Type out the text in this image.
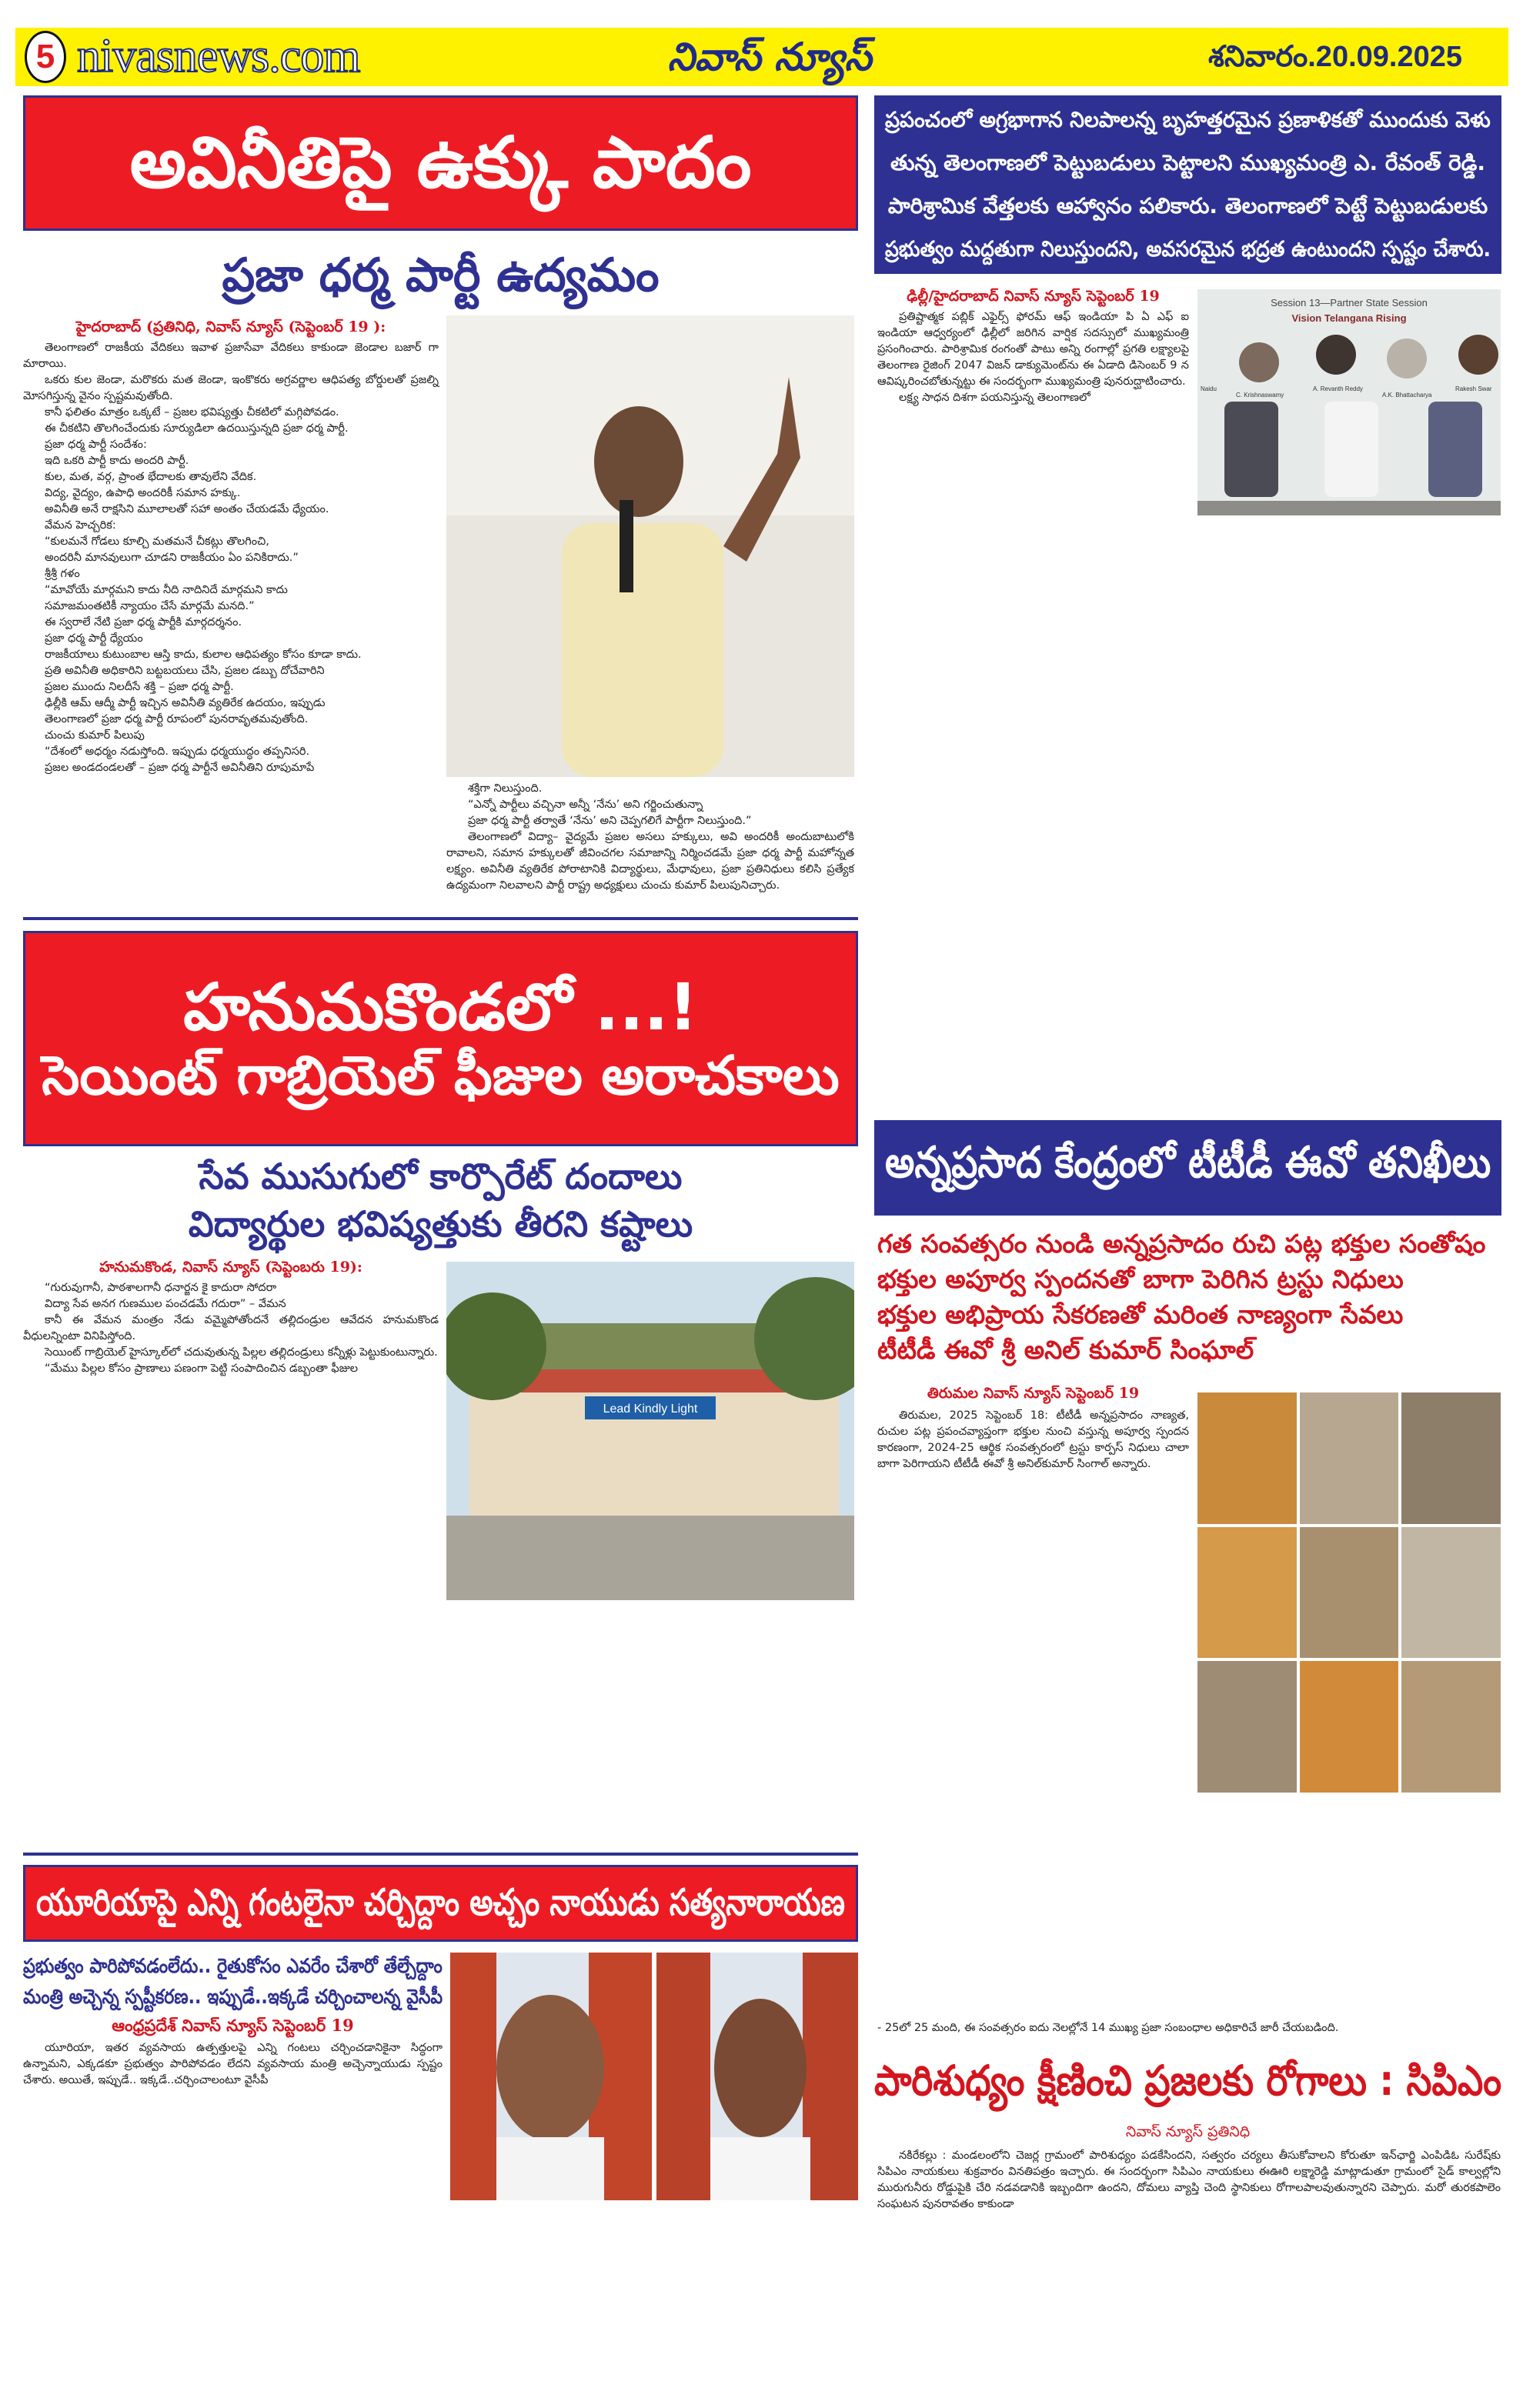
5 nivasnews.com	నివాస్ న్యూస్	శనివారం.20.09.2025
అవినీతిపై ఉక్కు పాదం
ప్రజా ధర్మ పార్టీ ఉద్యమం
హైదరాబాద్ (ప్రతినిధి, నివాస్ న్యూస్ (సెప్టెంబర్ 19 ):

తెలంగాణలో రాజకీయ వేదికలు ఇవాళ ప్రజాసేవా వేదికలు కాకుండా జెండాల బజార్ గా మారాయి.

ఒకరు కుల జెండా, మరొకరు మత జెండా, ఇంకొకరు అగ్రవర్ణాల ఆధిపత్య బోర్డులతో ప్రజల్ని మోసగిస్తున్న వైనం స్పష్టమవుతోంది.

కానీ ఫలితం మాత్రం ఒక్కటే – ప్రజల భవిష్యత్తు చీకటిలో మగ్గిపోవడం.

ఈ చీకటిని తొలగించేందుకు సూర్యుడిలా ఉదయిస్తున్నది ప్రజా ధర్మ పార్టీ.

ప్రజా ధర్మ పార్టీ సందేశం:

ఇది ఒకరి పార్టీ కాదు అందరి పార్టీ.

కుల, మత, వర్గ, ప్రాంత భేదాలకు తావులేని వేదిక.

విద్య, వైద్యం, ఉపాధి అందరికీ సమాన హక్కు.

అవినీతి అనే రాక్షసిని మూలాలతో సహా అంతం చేయడమే ధ్యేయం.

వేమన హెచ్చరిక:

“కులమనే గోడలు కూల్చి మతమనే చీకట్లు తొలగించి,

అందరినీ మానవులుగా చూడని రాజకీయం ఏం పనికిరాదు.”

శ్రీశ్రీ గళం

“మావోయే మార్గమని కాదు నీది నాదినిదే మార్గమని కాదు

సమాజమంతటికీ న్యాయం చేసే మార్గమే మనది.”

ఈ స్వరాలే నేటి ప్రజా ధర్మ పార్టీకి మార్గదర్శనం.

ప్రజా ధర్మ పార్టీ ధ్యేయం

రాజకీయాలు కుటుంబాల ఆస్తి కాదు, కులాల ఆధిపత్యం కోసం కూడా కాదు.

ప్రతి అవినీతి అధికారిని బట్టబయలు చేసి, ప్రజల డబ్బు దోచేవారిని

ప్రజల ముందు నిలదీసే శక్తి – ప్రజా ధర్మ పార్టీ.

ఢిల్లీకి ఆమ్ ఆద్మీ పార్టీ ఇచ్చిన అవినీతి వ్యతిరేక ఉదయం, ఇప్పుడు

తెలంగాణలో ప్రజా ధర్మ పార్టీ రూపంలో పునరావృతమవుతోంది.

చుంచు కుమార్ పిలుపు

“దేశంలో అధర్మం నడుస్తోంది. ఇప్పుడు ధర్మయుద్ధం తప్పనిసరి.

ప్రజల అండదండలతో – ప్రజా ధర్మ పార్టీనే అవినీతిని రూపుమాపే

శక్తిగా నిలుస్తుంది.

“ఎన్నో పార్టీలు వచ్చినా అన్నీ ‘నేను’ అని గర్జించుతున్నా

ప్రజా ధర్మ పార్టీ తర్వాతే ‘నేను’ అని చెప్పగలిగే పార్టీగా నిలుస్తుంది.”

తెలంగాణలో విద్యా– వైద్యమే ప్రజల అసలు హక్కులు, అవి అందరికీ అందుబాటులోకి రావాలని, సమాన హక్కులతో జీవించగల సమాజాన్ని నిర్మించడమే ప్రజా ధర్మ పార్టీ మహోన్నత లక్ష్యం. అవినీతి వ్యతిరేక పోరాటానికి విద్యార్థులు, మేధావులు, ప్రజా ప్రతినిధులు కలిసి ప్రత్యేక ఉద్యమంగా నిలవాలని పార్టీ రాష్ట్ర అధ్యక్షులు చుంచు కుమార్ పిలుపునిచ్చారు.

హనుమకొండలో ...!
సెయింట్ గాబ్రియెల్ ఫీజుల అరాచకాలు
సేవ ముసుగులో కార్పొరేట్ దందాలు
విద్యార్థుల భవిష్యత్తుకు తీరని కష్టాలు
హనుమకొండ, నివాస్ న్యూస్ (సెప్టెంబరు 19):

“గురువుగానీ, పాఠశాలగానీ ధనార్జన కై కాదురా సోదరా

విద్యా సేవ అనగ గుణముల పంచడమే గదురా” – వేమన

కానీ ఈ వేమన మంత్రం నేడు వమ్మైపోతోందనే తల్లిదండ్రుల ఆవేదన హనుమకొండ వీధులన్నింటా వినిపిస్తోంది.

సెయింట్ గాబ్రియెల్ హైస్కూల్‌లో చదువుతున్న పిల్లల తల్లిదండ్రులు కన్నీళ్లు పెట్టుకుంటున్నారు.

“మేము పిల్లల కోసం ప్రాణాలు పణంగా పెట్టి సంపాదించిన డబ్బంతా ఫీజుల

Lead Kindly Light
యూరియాపై ఎన్ని గంటలైనా చర్చిద్దాం అచ్చం నాయుడు సత్యనారాయణ
ప్రభుత్వం పారిపోవడంలేదు.. రైతుకోసం ఎవరేం చేశారో తేల్చేద్దాం
మంత్రి అచ్చెన్న స్పష్టీకరణ.. ఇప్పుడే..ఇక్కడే చర్చించాలన్న వైసీపీ
ఆంధ్రప్రదేశ్ నివాస్ న్యూస్ సెప్టెంబర్ 19

యూరియా, ఇతర వ్యవసాయ ఉత్పత్తులపై ఎన్ని గంటలు చర్చించడానికైనా సిద్ధంగా ఉన్నామని, ఎక్కడకూ ప్రభుత్వం పారిపోవడం లేదని వ్యవసాయ మంత్రి అచ్చెన్నాయుడు స్పష్టం చేశారు. అయితే, ఇప్పుడే.. ఇక్కడే..చర్చించాలంటూ వైసీపీ

ప్రపంచంలో అగ్రభాగాన నిలపాలన్న బృహత్తరమైన ప్రణాళికతో ముందుకు వెళు
తున్న తెలంగాణలో పెట్టుబడులు పెట్టాలని ముఖ్యమంత్రి ఎ. రేవంత్ రెడ్డి.
పారిశ్రామిక వేత్తలకు ఆహ్వానం పలికారు. తెలంగాణలో పెట్టే పెట్టుబడులకు
ప్రభుత్వం మద్దతుగా నిలుస్తుందని, అవసరమైన భద్రత ఉంటుందని స్పష్టం చేశారు.
ఢిల్లీ/హైదరాబాద్ నివాస్ న్యూస్ సెప్టెంబర్ 19

ప్రతిష్టాత్మక పబ్లిక్ ఎఫైర్స్ ఫోరమ్ ఆఫ్ ఇండియా పి ఏ ఎఫ్ ఐ ఇండియా ఆధ్వర్యంలో ఢిల్లీలో జరిగిన వార్షిక సదస్సులో ముఖ్యమంత్రి ప్రసంగించారు. పారిశ్రామిక రంగంతో పాటు అన్ని రంగాల్లో ప్రగతి లక్ష్యాలపై తెలంగాణ రైజింగ్ 2047 విజన్ డాక్యుమెంట్‌ను ఈ ఏడాది డిసెంబర్ 9 న ఆవిష్కరించబోతున్నట్టు ఈ సందర్భంగా ముఖ్యమంత్రి పునరుద్ఘాటించారు.

లక్ష్య సాధన దిశగా పయనిస్తున్న తెలంగాణలో

Session 13—Partner State Session
Vision Telangana Rising
Naidu
C. Krishnaswamy
A. Revanth Reddy
A.K. Bhattacharya
Rakesh Swar
అన్నప్రసాద కేంద్రంలో టీటీడీ ఈవో తనిఖీలు
గత సంవత్సరం నుండి అన్నప్రసాదం రుచి పట్ల భక్తుల సంతోషం
భక్తుల అపూర్వ స్పందనతో బాగా పెరిగిన ట్రస్టు నిధులు
భక్తుల అభిప్రాయ సేకరణతో మరింత నాణ్యంగా సేవలు
టీటీడీ ఈవో శ్రీ అనిల్ కుమార్ సింఘాల్
తిరుమల నివాస్ న్యూస్ సెప్టెంబర్ 19

తిరుమల, 2025 సెప్టెంబర్ 18: టీటీడీ అన్నప్రసాదం నాణ్యత, రుచుల పట్ల ప్రపంచవ్యాప్తంగా భక్తుల నుంచి వస్తున్న అపూర్వ స్పందన కారణంగా, 2024-25 ఆర్థిక సంవత్సరంలో ట్రస్టు కార్పస్ నిధులు చాలా బాగా పెరిగాయని టీటీడీ ఈవో శ్రీ అనిల్‌కుమార్ సింగాల్ అన్నారు.

- 25లో 25 మంది, ఈ సంవత్సరం ఐదు నెలల్లోనే 14 ముఖ్య ప్రజా సంబంధాల అధికారిచే జారీ చేయబడింది.
పారిశుధ్యం క్షీణించి ప్రజలకు రోగాలు : సిపిఎం
నివాస్ న్యూస్ ప్రతినిధి

నకిరేకల్లు : మండలంలోని చెజర్ల గ్రామంలో పారిశుధ్యం పడకేసిందని, సత్వరం చర్యలు తీసుకోవాలని కోరుతూ ఇన్‌ఛార్జి ఎంపిడిఓ సురేష్‌కు సిపిఎం నాయకులు శుక్రవారం వినతిపత్రం ఇచ్చారు. ఈ సందర్భంగా సిపిఎం నాయకులు ఈఊరి లక్ష్మారెడ్డి మాట్లాడుతూ గ్రామంలో సైడ్ కాల్వల్లోని మురుగునీరు రోడ్డుపైకి చేరి నడవడానికి ఇబ్బందిగా ఉందని, దోమలు వ్యాప్తి చెంది స్థానికులు రోగాలపాలవుతున్నారని చెప్పారు. మరో తురకపాలెం సంఘటన పునరావతం కాకుండా
